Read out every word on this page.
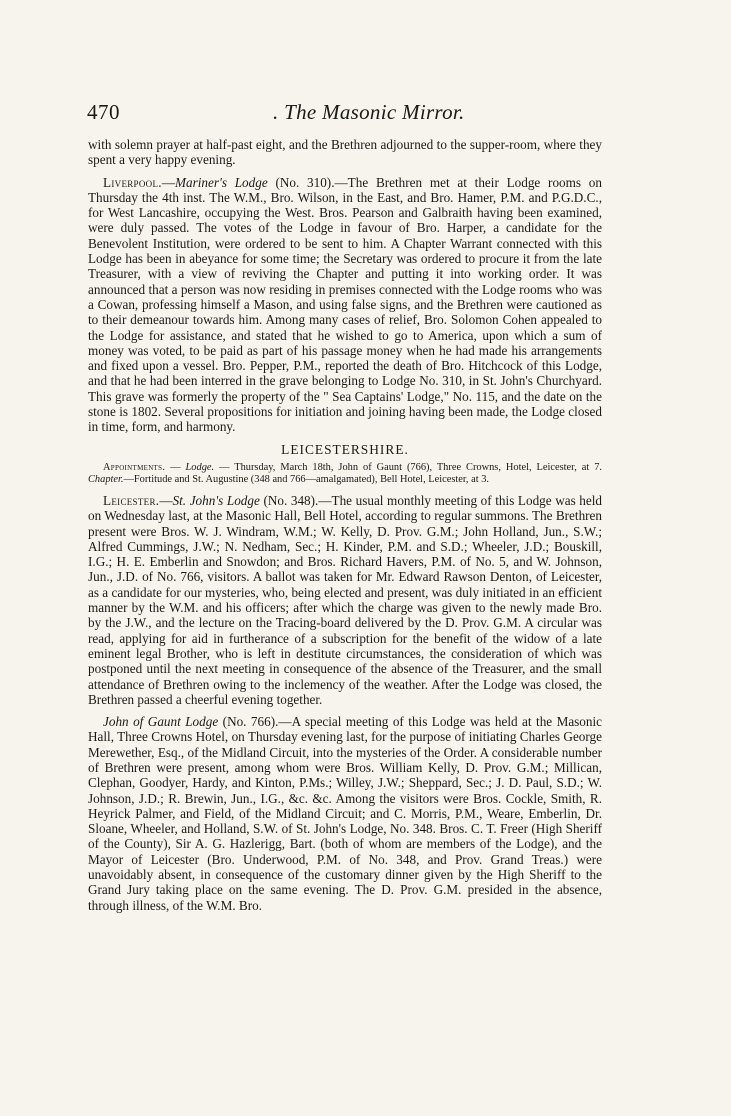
470	. The Masonic Mirror.

with solemn prayer at half-past eight, and the Brethren adjourned to the supper-room, where they spent a very happy evening.

Liverpool.—Mariner's Lodge (No. 310).—The Brethren met at their Lodge rooms on Thursday the 4th inst. The W.M., Bro. Wilson, in the East, and Bro. Hamer, P.M. and P.G.D.C., for West Lancashire, occupying the West. Bros. Pearson and Galbraith having been examined, were duly passed. The votes of the Lodge in favour of Bro. Harper, a candidate for the Benevolent Institution, were ordered to be sent to him. A Chapter Warrant connected with this Lodge has been in abeyance for some time; the Secretary was ordered to procure it from the late Treasurer, with a view of reviving the Chapter and putting it into working order. It was announced that a person was now residing in premises connected with the Lodge rooms who was a Cowan, professing himself a Mason, and using false signs, and the Brethren were cautioned as to their demeanour towards him. Among many cases of relief, Bro. Solomon Cohen appealed to the Lodge for assistance, and stated that he wished to go to America, upon which a sum of money was voted, to be paid as part of his passage money when he had made his arrangements and fixed upon a vessel. Bro. Pepper, P.M., reported the death of Bro. Hitchcock of this Lodge, and that he had been interred in the grave belonging to Lodge No. 310, in St. John's Churchyard. This grave was formerly the property of the " Sea Captains' Lodge," No. 115, and the date on the stone is 1802. Several propositions for initiation and joining having been made, the Lodge closed in time, form, and harmony.

LEICESTERSHIRE.

Appointments. — Lodge. — Thursday, March 18th, John of Gaunt (766), Three Crowns, Hotel, Leicester, at 7. Chapter.—Fortitude and St. Augustine (348 and 766—amalgamated), Bell Hotel, Leicester, at 3.

Leicester.—St. John's Lodge (No. 348).—The usual monthly meeting of this Lodge was held on Wednesday last, at the Masonic Hall, Bell Hotel, according to regular summons. The Brethren present were Bros. W. J. Windram, W.M.; W. Kelly, D. Prov. G.M.; John Holland, Jun., S.W.; Alfred Cummings, J.W.; N. Nedham, Sec.; H. Kinder, P.M. and S.D.; Wheeler, J.D.; Bouskill, I.G.; H. E. Emberlin and Snowdon; and Bros. Richard Havers, P.M. of No. 5, and W. Johnson, Jun., J.D. of No. 766, visitors. A ballot was taken for Mr. Edward Rawson Denton, of Leicester, as a candidate for our mysteries, who, being elected and present, was duly initiated in an efficient manner by the W.M. and his officers; after which the charge was given to the newly made Bro. by the J.W., and the lecture on the Tracing-board delivered by the D. Prov. G.M. A circular was read, applying for aid in furtherance of a subscription for the benefit of the widow of a late eminent legal Brother, who is left in destitute circumstances, the consideration of which was postponed until the next meeting in consequence of the absence of the Treasurer, and the small attendance of Brethren owing to the inclemency of the weather. After the Lodge was closed, the Brethren passed a cheerful evening together.

John of Gaunt Lodge (No. 766).—A special meeting of this Lodge was held at the Masonic Hall, Three Crowns Hotel, on Thursday evening last, for the purpose of initiating Charles George Merewether, Esq., of the Midland Circuit, into the mysteries of the Order. A considerable number of Brethren were present, among whom were Bros. William Kelly, D. Prov. G.M.; Millican, Clephan, Goodyer, Hardy, and Kinton, P.Ms.; Willey, J.W.; Sheppard, Sec.; J. D. Paul, S.D.; W. Johnson, J.D.; R. Brewin, Jun., I.G., &c. &c. Among the visitors were Bros. Cockle, Smith, R. Heyrick Palmer, and Field, of the Midland Circuit; and C. Morris, P.M., Weare, Emberlin, Dr. Sloane, Wheeler, and Holland, S.W. of St. John's Lodge, No. 348. Bros. C. T. Freer (High Sheriff of the County), Sir A. G. Hazlerigg, Bart. (both of whom are members of the Lodge), and the Mayor of Leicester (Bro. Underwood, P.M. of No. 348, and Prov. Grand Treas.) were unavoidably absent, in consequence of the customary dinner given by the High Sheriff to the Grand Jury taking place on the same evening. The D. Prov. G.M. presided in the absence, through illness, of the W.M. Bro.
